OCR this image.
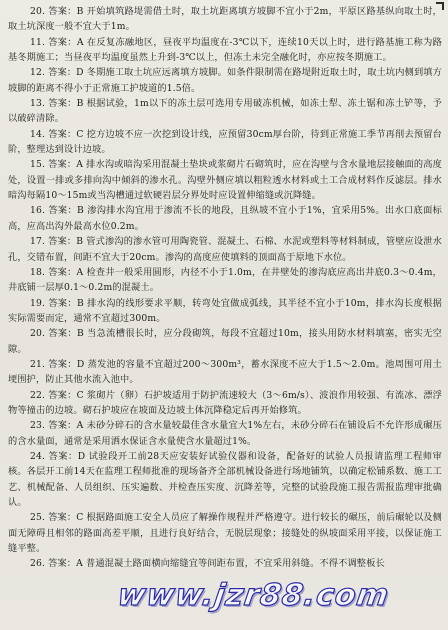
20. 答案：B 开始填筑路堤需借土时，取土坑距离填方坡脚不宜小于2m，平原区路基纵向取土时，取土坑深度一般不宜大于1m。

11. 答案：A 在反复冻融地区，昼夜平均温度在-3℃以下，连续10天以上时，进行路基施工称为路基冬期施工；当昼夜平均温度虽然上升到-3℃以上，但冻土未完全融化时，亦应按冬期施工。

12. 答案：D 冬期施工取土坑应远离填方坡脚。如条件限制需在路堤附近取土时，取土坑内侧到填方坡脚的距离不得小于正常施工护坡道的1.5倍。

13. 答案：B 根据试验，1m以下的冻土层可选用专用破冻机械，如冻土犁、冻土锯和冻土铲等，予以破碎清除。

14. 答案：C 挖方边坡不应一次挖到设计线，应预留30cm厚台阶，待到正常施工季节再削去预留台阶，整理达到设计边坡。

15. 答案：A 排水沟或暗沟采用混凝土垫块或浆砌片石砌筑时，应在沟壁与含水量地层接触面的高度处，设置一排或多排向沟中倾斜的渗水孔。沟壁外侧应填以粗粒透水材料或土工合成材料作反滤层。排水暗沟每隔10～15m或当沟槽通过软硬岩层分界处时应设置伸缩缝或沉降缝。

16. 答案：B 渗沟排水沟宜用于渗流不长的地段，且纵坡不宜小于1%，宜采用5%。出水口底面标高，应高出沟外最高水位0.2m。

17. 答案：B 管式渗沟的渗水管可用陶瓷管、混凝土、石棉、水泥或塑料等材料制成，管壁应设泄水孔，交错布置，间距不宜大于20cm。渗沟的高度应使填料的顶面高于原地下水位。

18. 答案：A 检查井一般采用圆形，内径不小于1.0m，在井壁处的渗沟底应高出井底0.3～0.4m，井底铺一层厚0.1～0.2m的混凝土。

19. 答案：B 排水沟的线形要求平顺，转弯处宜做成弧线，其半径不宜小于10m，排水沟长度根据实际需要而定，通常不宜超过300m。

20. 答案：B 当急流槽很长时，应分段砌筑，每段不宜超过10m，接头用防水材料填塞，密实无空隙。

21. 答案：D 蒸发池的容量不宜超过200～300m³，蓄水深度不应大于1.5～2.0m。池周围可用土埂围护，防止其他水流入池中。

22. 答案：C 浆砌片（卵）石护坡适用于防护流速较大（3～6m/s）、波浪作用较强、有流冰、漂浮物等撞击的边坡。砌石护坡应在坡面及边坡土体沉降稳定后再开始修筑。

23. 答案：A 未砂分碎石的含水量较最佳含水量宜大1%左右，未砂分碎石在铺设后不允许形成碾压的含水量面，通常是采用洒水保证含水量使含水量超过1%。

24. 答案：D 试验段开工前28天应安装好试验仪器和设备，配备好的试验人员报请监理工程师审核。各层开工前14天在监理工程师批准的现场备齐全部机械设备进行场地铺筑，以确定松铺系数、施工工艺、机械配备、人员组织、压实遍数、并检查压实度、沉降差等，完整的试验段施工报告需报监理审批确认。

25. 答案：C 根据路面施工安全人员应了解操作规程并严格遵守。进行较长的碾压，前后碾轮以及侧面无障碍且相邻的路面高差平顺，且进行良好结合，无脱层现象；接缝处的纵坡面采用平接，以保证施工缝平整。

26. 答案：A 普通混凝土路面横向缩缝宜等间距布置，不宜采用斜缝。不得不调整板长

www.jzr88.com
